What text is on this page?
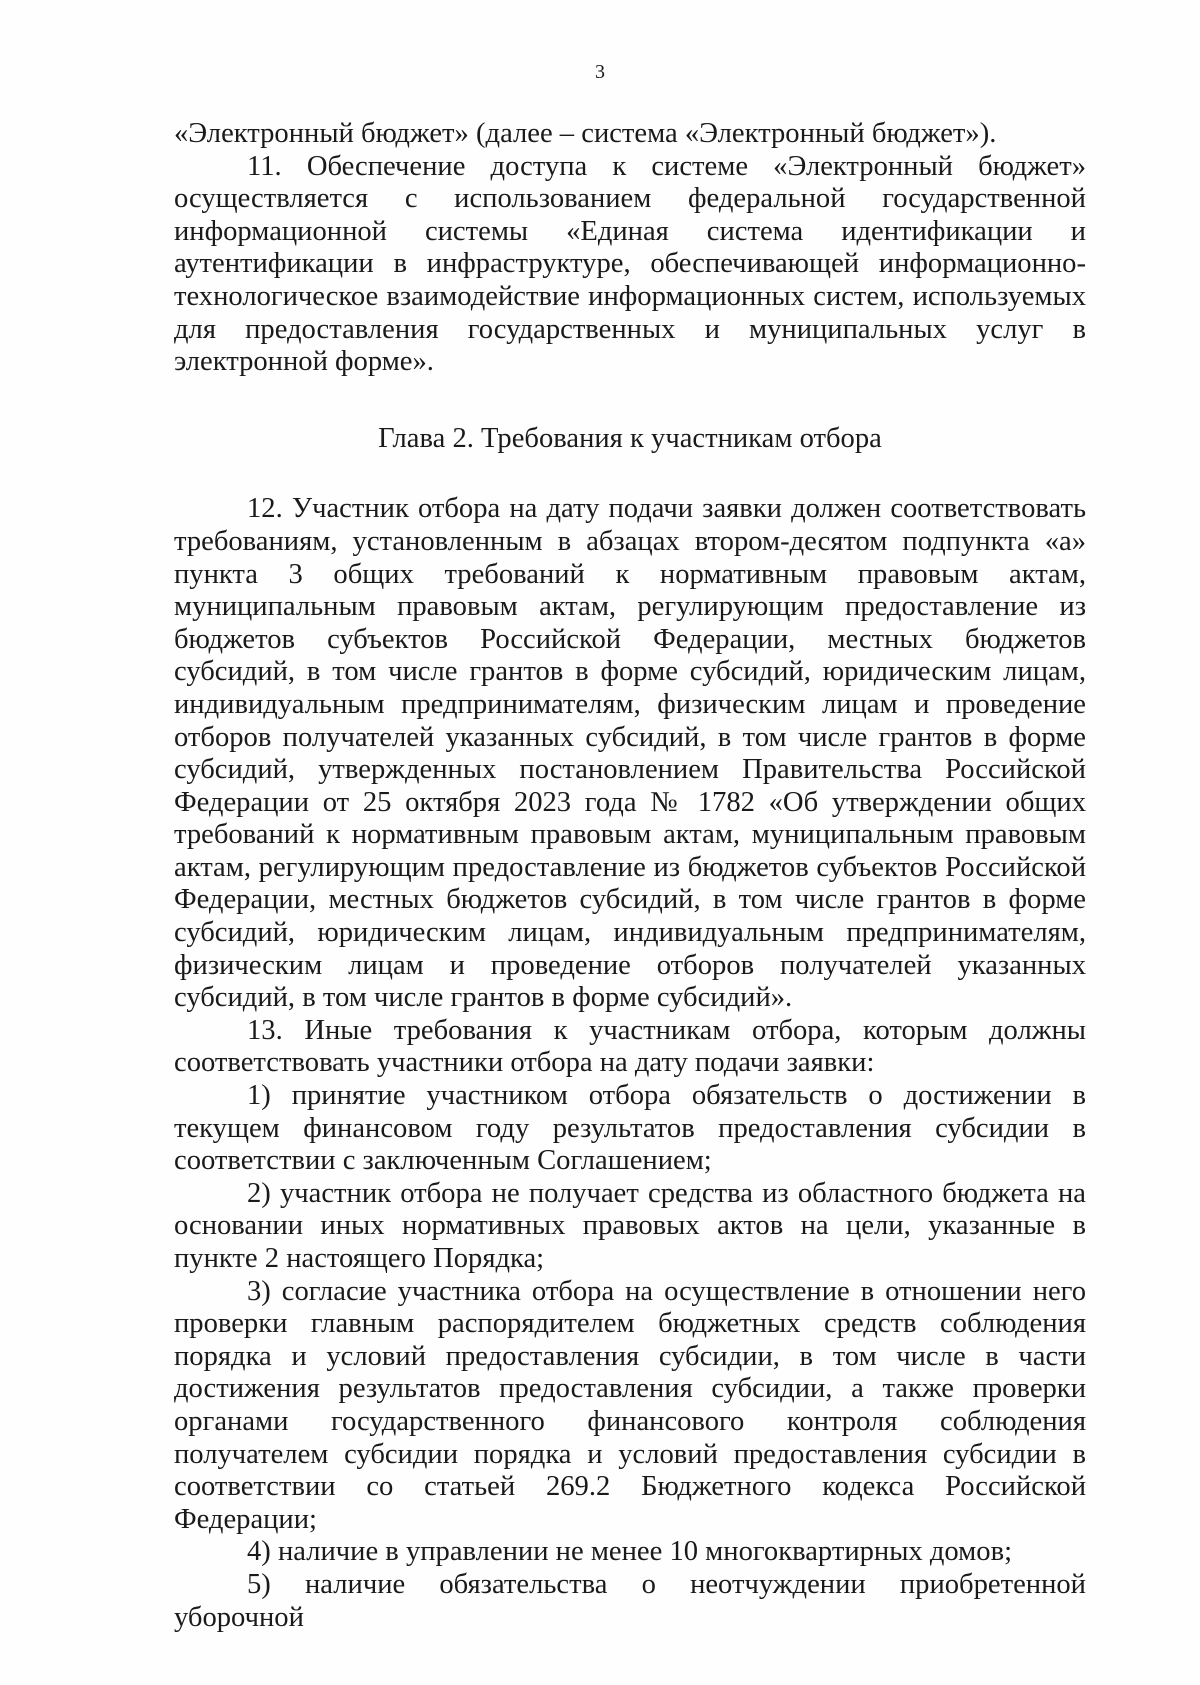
3

«Электронный бюджет» (далее – система «Электронный бюджет»).

11. Обеспечение доступа к системе «Электронный бюджет» осуществляется с использованием федеральной государственной информационной системы «Единая система идентификации и аутентификации в инфраструктуре, обеспечивающей информационно-технологическое взаимодействие информационных систем, используемых для предоставления государственных и муниципальных услуг в электронной форме».

Глава 2. Требования к участникам отбора

12. Участник отбора на дату подачи заявки должен соответствовать требованиям, установленным в абзацах втором-десятом подпункта «а» пункта 3 общих требований к нормативным правовым актам, муниципальным правовым актам, регулирующим предоставление из бюджетов субъектов Российской Федерации, местных бюджетов субсидий, в том числе грантов в форме субсидий, юридическим лицам, индивидуальным предпринимателям, физическим лицам и проведение отборов получателей указанных субсидий, в том числе грантов в форме субсидий, утвержденных постановлением Правительства Российской Федерации от 25 октября 2023 года № 1782 «Об утверждении общих требований к нормативным правовым актам, муниципальным правовым актам, регулирующим предоставление из бюджетов субъектов Российской Федерации, местных бюджетов субсидий, в том числе грантов в форме субсидий, юридическим лицам, индивидуальным предпринимателям, физическим лицам и проведение отборов получателей указанных субсидий, в том числе грантов в форме субсидий».

13. Иные требования к участникам отбора, которым должны соответствовать участники отбора на дату подачи заявки:

1) принятие участником отбора обязательств о достижении в текущем финансовом году результатов предоставления субсидии в соответствии с заключенным Соглашением;

2) участник отбора не получает средства из областного бюджета на основании иных нормативных правовых актов на цели, указанные в пункте 2 настоящего Порядка;

3) согласие участника отбора на осуществление в отношении него проверки главным распорядителем бюджетных средств соблюдения порядка и условий предоставления субсидии, в том числе в части достижения результатов предоставления субсидии, а также проверки органами государственного финансового контроля соблюдения получателем субсидии порядка и условий предоставления субсидии в соответствии со статьей 269.2 Бюджетного кодекса Российской Федерации;

4) наличие в управлении не менее 10 многоквартирных домов;

5) наличие обязательства о неотчуждении приобретенной уборочной
